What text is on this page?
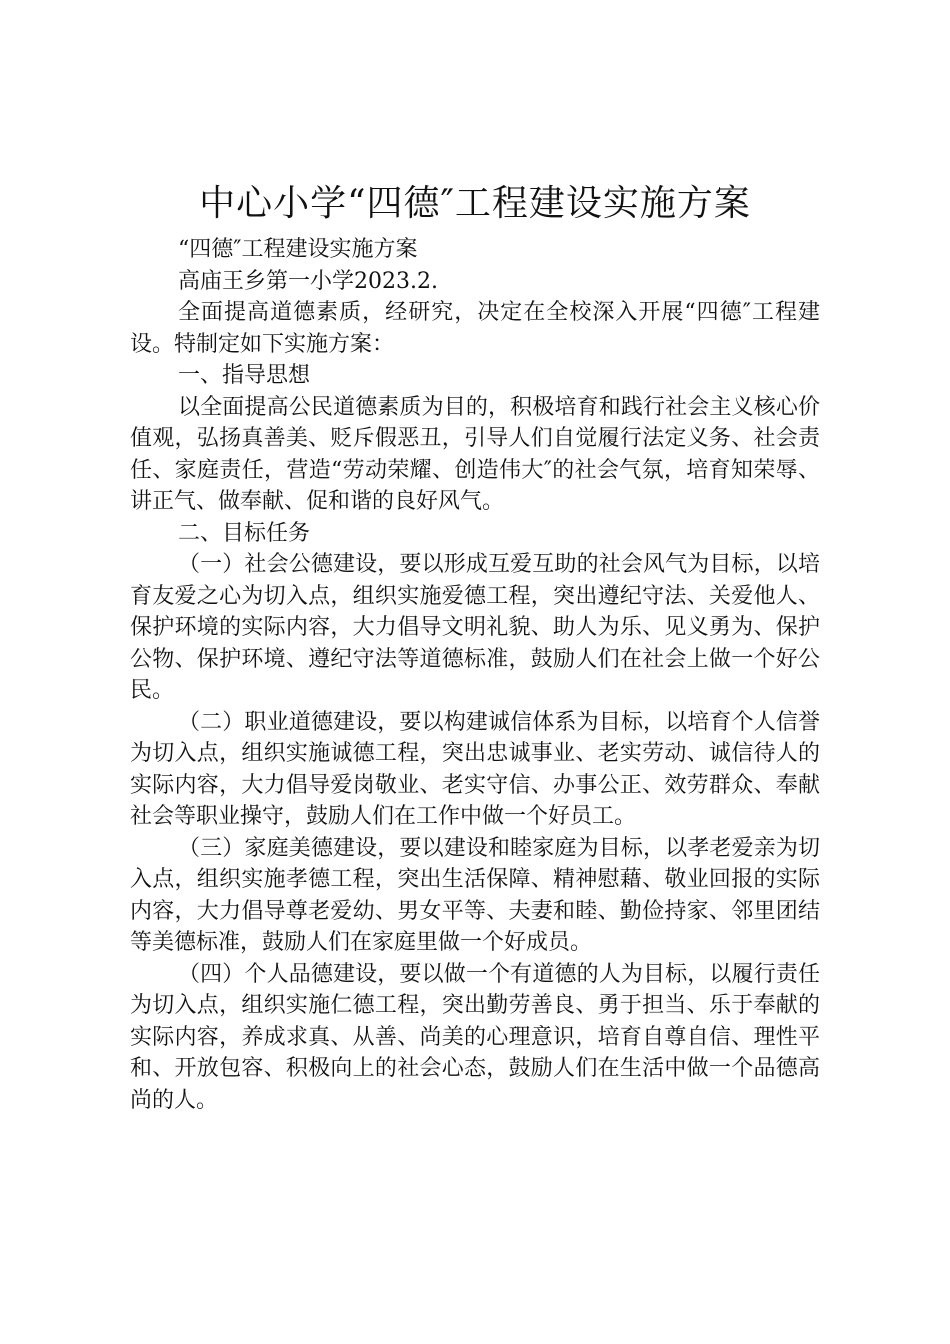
中心小学“四德″工程建设实施方案

“四德″工程建设实施方案

高庙王乡第一小学2023.2.

全面提高道德素质，经研究，决定在全校深入开展“四德″工程建设。特制定如下实施方案：

一、指导思想

以全面提高公民道德素质为目的，积极培育和践行社会主义核心价值观，弘扬真善美、贬斥假恶丑，引导人们自觉履行法定义务、社会责任、家庭责任，营造“劳动荣耀、创造伟大″的社会气氛，培育知荣辱、讲正气、做奉献、促和谐的良好风气。

二、目标任务

（一）社会公德建设，要以形成互爱互助的社会风气为目标，以培育友爱之心为切入点，组织实施爱德工程，突出遵纪守法、关爱他人、保护环境的实际内容，大力倡导文明礼貌、助人为乐、见义勇为、保护公物、保护环境、遵纪守法等道德标准，鼓励人们在社会上做一个好公民。

（二）职业道德建设，要以构建诚信体系为目标，以培育个人信誉为切入点，组织实施诚德工程，突出忠诚事业、老实劳动、诚信待人的实际内容，大力倡导爱岗敬业、老实守信、办事公正、效劳群众、奉献社会等职业操守，鼓励人们在工作中做一个好员工。

（三）家庭美德建设，要以建设和睦家庭为目标，以孝老爱亲为切入点，组织实施孝德工程，突出生活保障、精神慰藉、敬业回报的实际内容，大力倡导尊老爱幼、男女平等、夫妻和睦、勤俭持家、邻里团结等美德标准，鼓励人们在家庭里做一个好成员。

（四）个人品德建设，要以做一个有道德的人为目标，以履行责任为切入点，组织实施仁德工程，突出勤劳善良、勇于担当、乐于奉献的实际内容，养成求真、从善、尚美的心理意识，培育自尊自信、理性平和、开放包容、积极向上的社会心态，鼓励人们在生活中做一个品德高尚的人。
